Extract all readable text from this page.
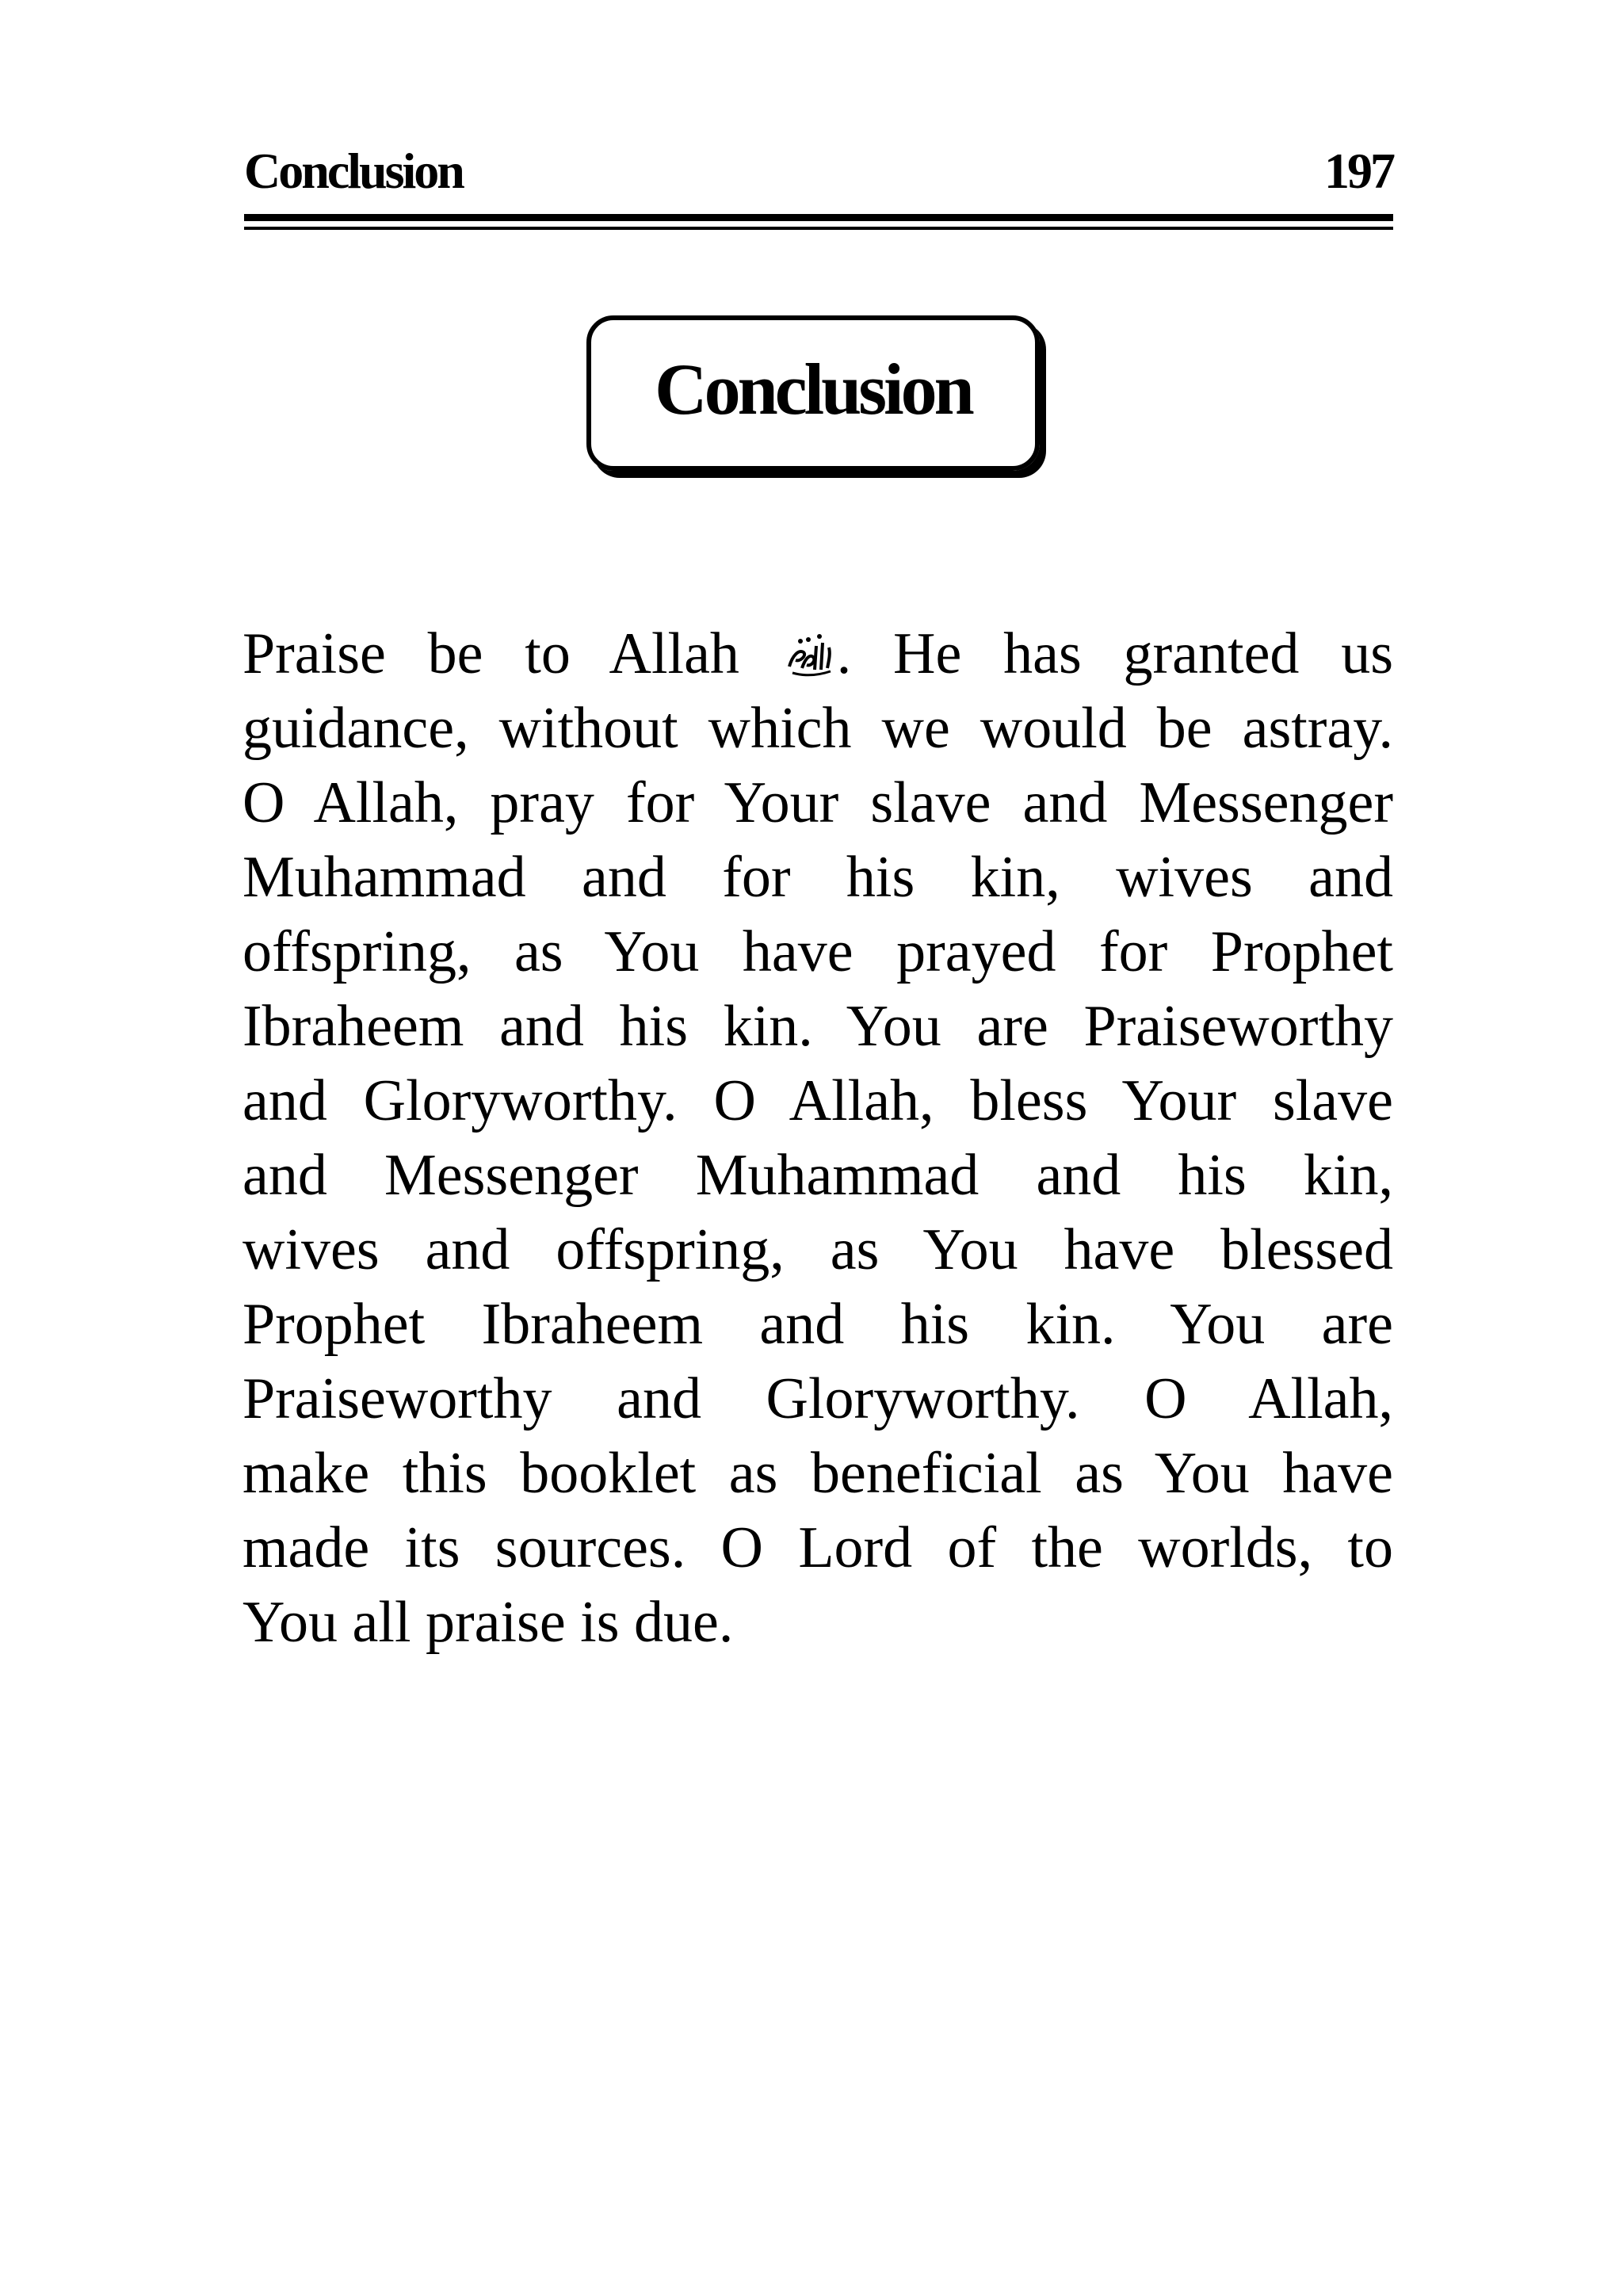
Conclusion	197
Conclusion
Praise be to Allah . He has granted us
guidance, without which we would be astray.
O Allah, pray for Your slave and Messenger
Muhammad and for his kin, wives and
offspring, as You have prayed for Prophet
Ibraheem and his kin. You are Praiseworthy
and Gloryworthy. O Allah, bless Your slave
and Messenger Muhammad and his kin,
wives and offspring, as You have blessed
Prophet Ibraheem and his kin. You are
Praiseworthy and Gloryworthy. O Allah,
make this booklet as beneficial as You have
made its sources. O Lord of the worlds, to
You all praise is due.
